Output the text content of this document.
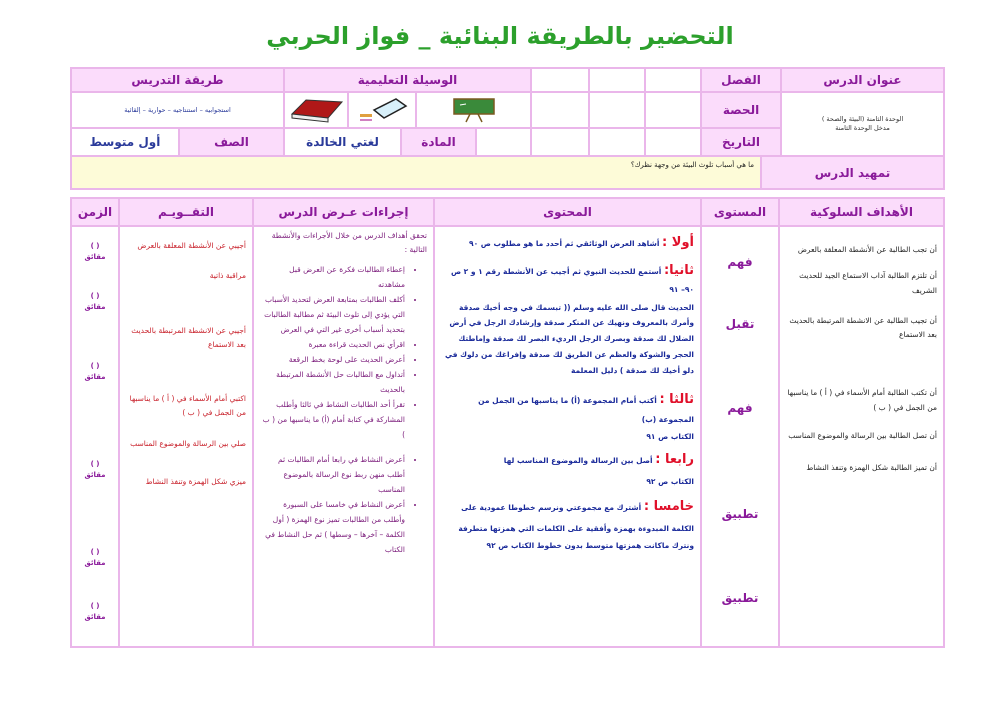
التحضير بالطريقة البنائية _ فواز الحربي
عنوان الدرس
الوحدة الثامنة (البيئة والصحة )
مدخل الوحدة الثامنة
الفصل
الحصة
التاريخ
الوسيلة التعليمية
طريقة التدريس
استجوابيه – استنتاجيه – حوارية – إلقائية
المادة
لغتي الخالدة
الصف
أول متوسط
تمهيد الدرس
ما هي أسباب تلوث البيئة من وجهة نظرك؟
الأهداف السلوكية
المستوى
المحتوى
إجراءات عـرض الدرس
التقــويـم
الزمن
أن تجب الطالبة عن الأنشطة المعلقة بالعرض
أن تلتزم الطالبة آداب الاستماع الجيد للحديث الشريف
أن تجيب الطالبة عن الانشطة المرتبطة بالحديث بعد الاستماع
أن تكتب الطالبة أمام الأسماء في ( أ ) ما يناسبها من الجمل في ( ب )
أن تصل الطالبة بين الرسالة والموضوع المناسب
أن تميز الطالبة شكل الهمزة وتنفذ النشاط
فهم
تقبل
فهم
تطبيق
تطبيق
أولا : أشاهد العرض الوثائقي ثم أحدد ما هو مطلوب ص ٩٠
ثانيا: أستمع للحديث النبوي ثم أجيب عن الأنشطة رقم ١ و ٢ ص ٩٠– ٩١
الحديث قال صلى الله عليه وسلم (( تبسمك في وجه أخيك صدقة وأمرك بالمعروف ونهيك عن المنكر صدقة وإرشادك الرجل في أرض الضلال لك صدقة وبصرك الرجل الرديء البصر لك صدقة وإماطتك الحجر والشوكة والعظم عن الطريق لك صدقة وإفراغك من دلوك في دلو أخيك لك صدقة ) دليل المعلمة
ثالثا : أكتب أمام المجموعة (أ) ما يناسبها من الجمل من المجموعة (ب)
الكتاب ص ٩١
رابعا : أصل بين الرسالة والموضوع المناسب لها
الكتاب ص ٩٢
خامسا : أشترك مع مجموعتي ونرسم خطوطا عمودية على الكلمة المبدوءة بهمزة وأفقية على الكلمات التي همزتها متطرفة ونترك ماكانت همزتها متوسط بدون خطوط الكتاب ص ٩٢
تحقق أهداف الدرس من خلال الأجراءات والأنشطة التالية :
• إعطاء الطالبات فكرة عن العرض قبل مشاهدته
• أكلف الطالبات بمتابعة العرض لتحديد الأسباب التي يؤدي إلى تلوث البيئة ثم مطالبة الطالبات بتحديد أسباب أخرى غير التي في العرض
• اقرأي نص الحديث قراءة معبرة
• أعرض الحديث على لوحة بخط الرقعة
• أتداول مع الطالبات حل الأنشطة المرتبطة بالحديث
• تقرأ أحد الطالبات النشاط في ثالثا وأطلب المشاركة في كتابة أمام (أ) ما يناسبها من ( ب )
• أعرض النشاط في رابعا أمام الطالبات ثم أطلب منهن ربط نوع الرسالة بالموضوع المناسب
• أعرض النشاط في خامسا على السبورة وأطلب من الطالبات تميز نوع الهمزة ( أول الكلمة – آخرها – وسطها ) ثم حل النشاط في الكتاب
أجيبي عن الأنشطة المعلقة بالعرض
مراقبة ذاتية
أجيبي عن الانشطة المرتبطة بالحديث بعد الاستماع
اكتبي أمام الأسماء في ( أ ) ما يناسبها من الجمل في ( ب )
صلي بين الرسالة والموضوع المناسب
ميزي شكل الهمزة وتنفذ النشاط
( )
مقائق
( )
مقائق
( )
مقائق
( )
مقائق
( )
مقائق
( )
مقائق
